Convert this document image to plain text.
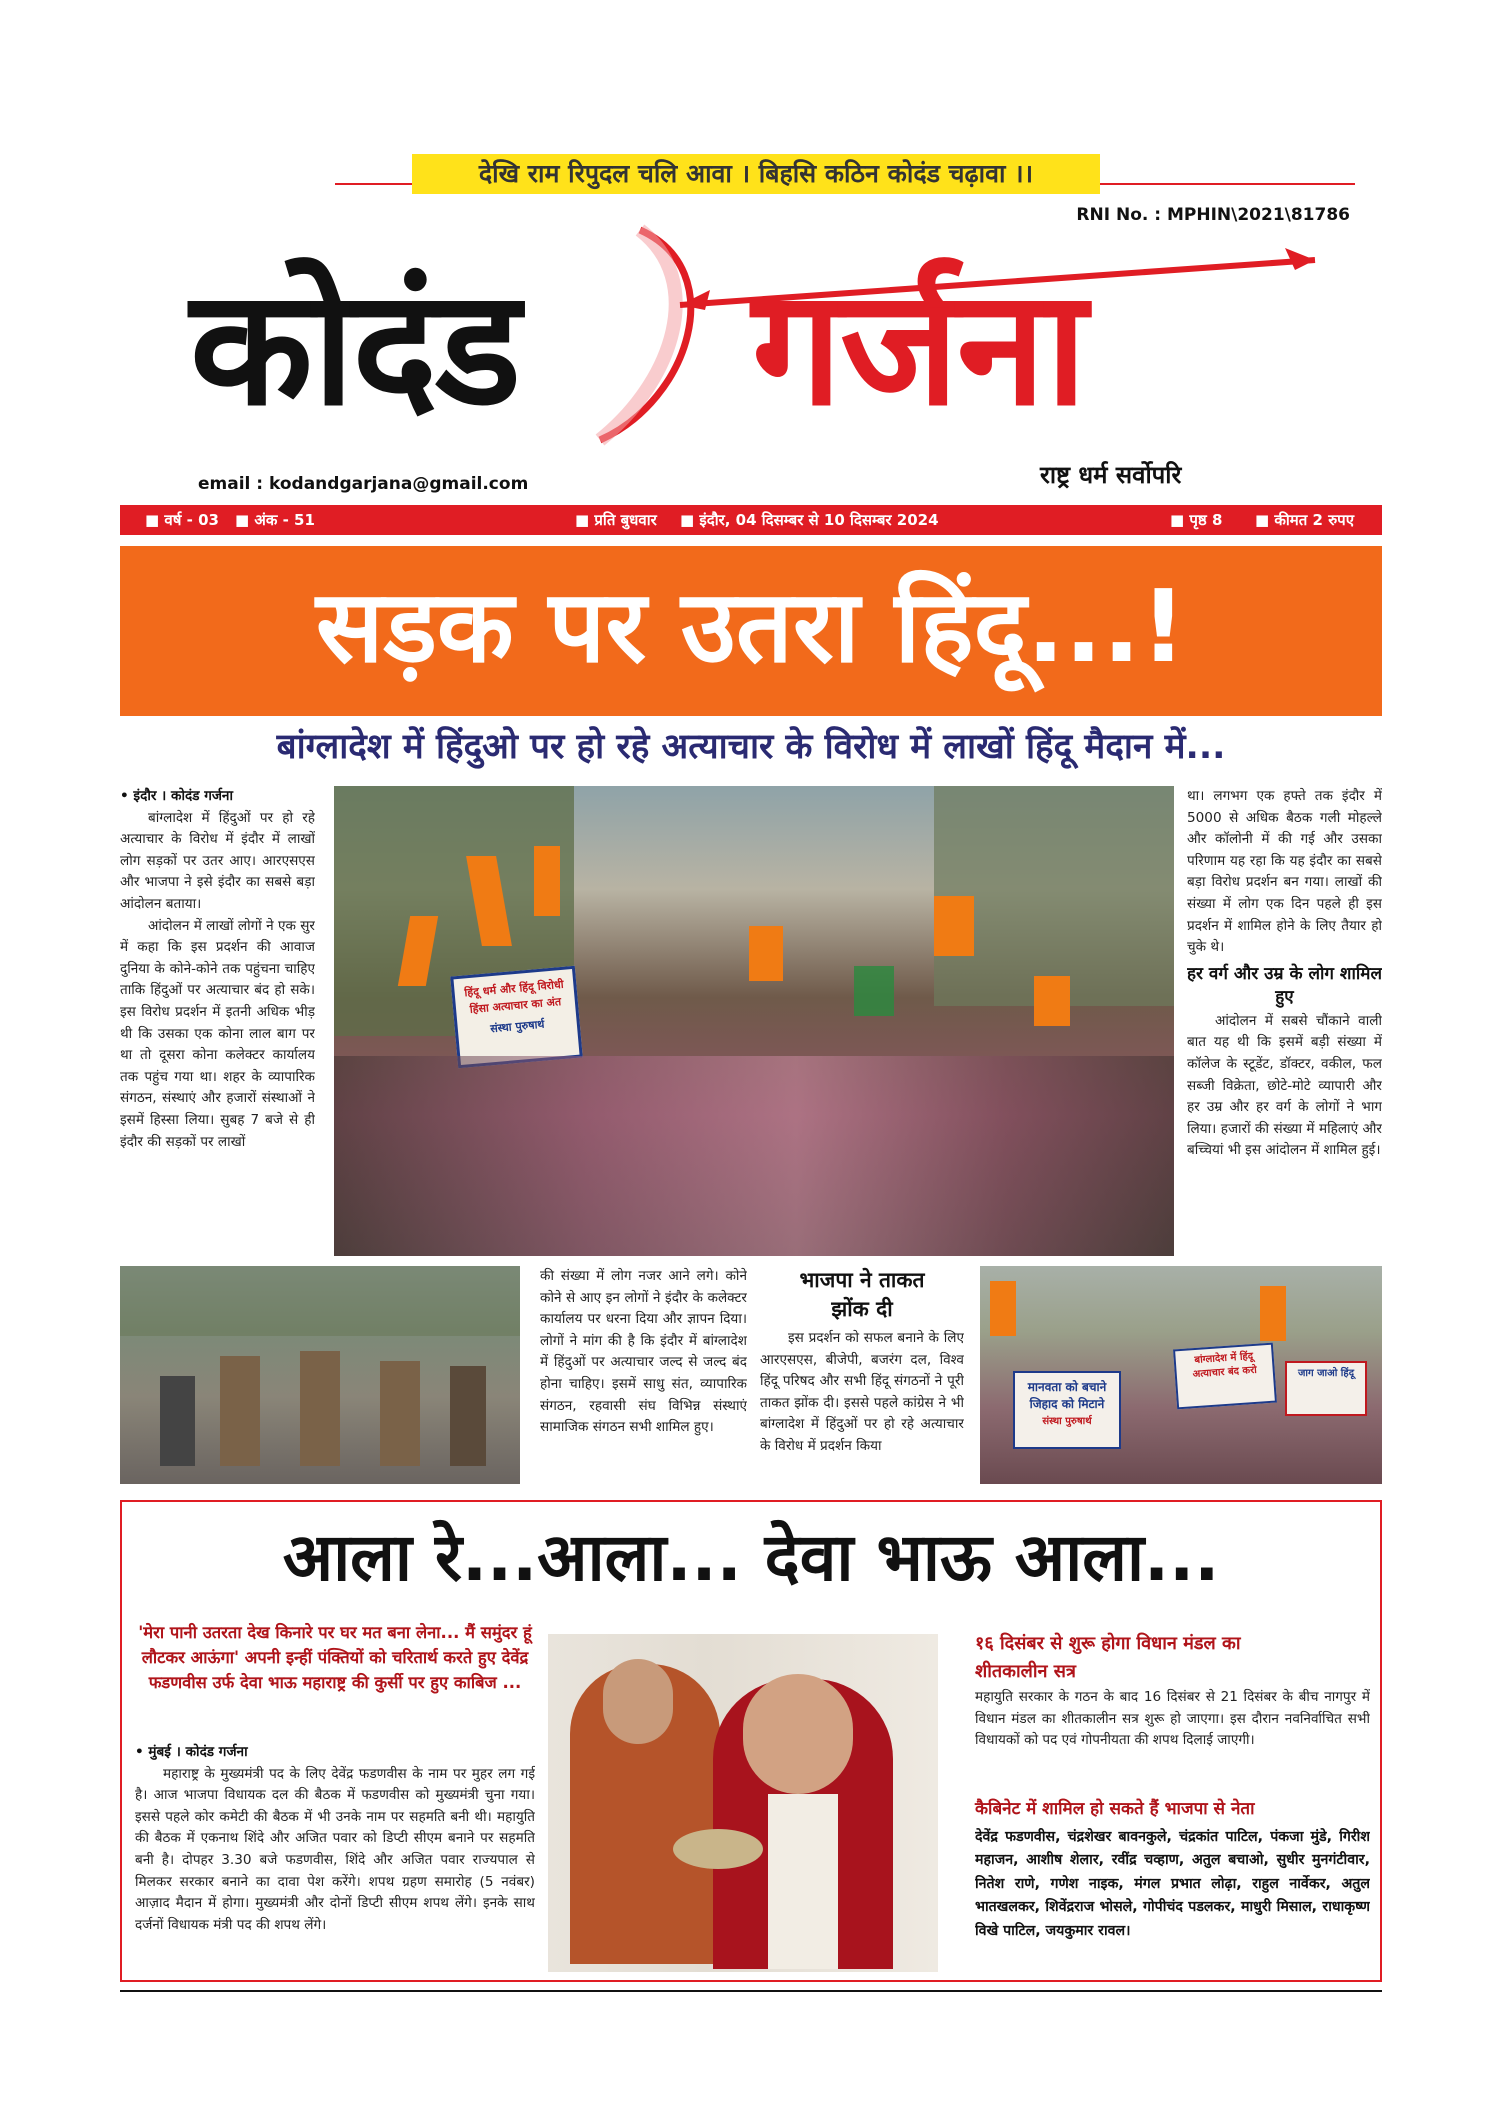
देखि राम रिपुदल चलि आवा । बिहसि कठिन कोदंड चढ़ावा ।।
RNI No. : MPHIN\2021\81786
कोदंड गर्जना
email : kodandgarjana@gmail.com	राष्ट्र धर्म सर्वोपरि
■ वर्ष - 03 ■ अंक - 51	■ प्रति बुधवार ■ इंदौर, 04 दिसम्बर से 10 दिसम्बर 2024	■ पृष्ठ 8 ■ कीमत 2 रुपए
सड़क पर उतरा हिंदू...!
बांग्लादेश में हिंदुओ पर हो रहे अत्याचार के विरोध में लाखों हिंदू मैदान में...

• इंदौर । कोदंड गर्जना

बांग्लादेश में हिंदुओं पर हो रहे अत्याचार के विरोध में इंदौर में लाखों लोग सड़कों पर उतर आए। आरएसएस और भाजपा ने इसे इंदौर का सबसे बड़ा आंदोलन बताया।

आंदोलन में लाखों लोगों ने एक सुर में कहा कि इस प्रदर्शन की आवाज दुनिया के कोने-कोने तक पहुंचना चाहिए ताकि हिंदुओं पर अत्याचार बंद हो सके। इस विरोध प्रदर्शन में इतनी अधिक भीड़ थी कि उसका एक कोना लाल बाग पर था तो दूसरा कोना कलेक्टर कार्यालय तक पहुंच गया था। शहर के व्यापारिक संगठन, संस्थाएं और हजारों संस्थाओं ने इसमें हिस्सा लिया। सुबह 7 बजे से ही इंदौर की सड़कों पर लाखों

हिंदू धर्म और हिंदू विरोधी हिंसा अत्याचार का अंत
संस्था पुरुषार्थ

था। लगभग एक हफ्ते तक इंदौर में 5000 से अधिक बैठक गली मोहल्ले और कॉलोनी में की गई और उसका परिणाम यह रहा कि यह इंदौर का सबसे बड़ा विरोध प्रदर्शन बन गया। लाखों की संख्या में लोग एक दिन पहले ही इस प्रदर्शन में शामिल होने के लिए तैयार हो चुके थे।

हर वर्ग और उम्र के लोग शामिल हुए

आंदोलन में सबसे चौंकाने वाली बात यह थी कि इसमें बड़ी संख्या में कॉलेज के स्टूडेंट, डॉक्टर, वकील, फल सब्जी विक्रेता, छोटे-मोटे व्यापारी और हर उम्र और हर वर्ग के लोगों ने भाग लिया। हजारों की संख्या में महिलाएं और बच्चियां भी इस आंदोलन में शामिल हुई।

की संख्या में लोग नजर आने लगे। कोने कोने से आए इन लोगों ने इंदौर के कलेक्टर कार्यालय पर धरना दिया और ज्ञापन दिया। लोगों ने मांग की है कि इंदौर में बांग्लादेश में हिंदुओं पर अत्याचार जल्द से जल्द बंद होना चाहिए। इसमें साधु संत, व्यापारिक संगठन, रहवासी संघ विभिन्न संस्थाएं सामाजिक संगठन सभी शामिल हुए।

भाजपा ने ताकत झोंक दी

इस प्रदर्शन को सफल बनाने के लिए आरएसएस, बीजेपी, बजरंग दल, विश्व हिंदू परिषद और सभी हिंदू संगठनों ने पूरी ताकत झोंक दी। इससे पहले कांग्रेस ने भी बांग्लादेश में हिंदुओं पर हो रहे अत्याचार के विरोध में प्रदर्शन किया

मानवता को बचाने जिहाद को मिटाने
संस्था पुरुषार्थ
बांग्लादेश में हिंदू अत्याचार बंद करो	जाग जाओ हिंदू
आला रे...आला... देवा भाऊ आला...
'मेरा पानी उतरता देख किनारे पर घर मत बना लेना... मैं समुंदर हूं लौटकर आऊंगा' अपनी इन्हीं पंक्तियों को चरितार्थ करते हुए देवेंद्र फडणवीस उर्फ देवा भाऊ महाराष्ट्र की कुर्सी पर हुए काबिज ...

• मुंबई । कोदंड गर्जना

महाराष्ट्र के मुख्यमंत्री पद के लिए देवेंद्र फडणवीस के नाम पर मुहर लग गई है। आज भाजपा विधायक दल की बैठक में फडणवीस को मुख्यमंत्री चुना गया। इससे पहले कोर कमेटी की बैठक में भी उनके नाम पर सहमति बनी थी। महायुति की बैठक में एकनाथ शिंदे और अजित पवार को डिप्टी सीएम बनाने पर सहमति बनी है। दोपहर 3.30 बजे फडणवीस, शिंदे और अजित पवार राज्यपाल से मिलकर सरकार बनाने का दावा पेश करेंगे। शपथ ग्रहण समारोह (5 नवंबर) आज़ाद मैदान में होगा। मुख्यमंत्री और दोनों डिप्टी सीएम शपथ लेंगे। इनके साथ दर्जनों विधायक मंत्री पद की शपथ लेंगे।

१६ दिसंबर से शुरू होगा विधान मंडल का शीतकालीन सत्र

महायुति सरकार के गठन के बाद 16 दिसंबर से 21 दिसंबर के बीच नागपुर में विधान मंडल का शीतकालीन सत्र शुरू हो जाएगा। इस दौरान नवनिर्वाचित सभी विधायकों को पद एवं गोपनीयता की शपथ दिलाई जाएगी।

कैबिनेट में शामिल हो सकते हैं भाजपा से नेता

देवेंद्र फडणवीस, चंद्रशेखर बावनकुले, चंद्रकांत पाटिल, पंकजा मुंडे, गिरीश महाजन, आशीष शेलार, रवींद्र चव्हाण, अतुल बचाओ, सुधीर मुनगंटीवार, नितेश राणे, गणेश नाइक, मंगल प्रभात लोढ़ा, राहुल नार्वेकर, अतुल भातखलकर, शिवेंद्रराज भोसले, गोपीचंद पडलकर, माधुरी मिसाल, राधाकृष्ण विखे पाटिल, जयकुमार रावल।
